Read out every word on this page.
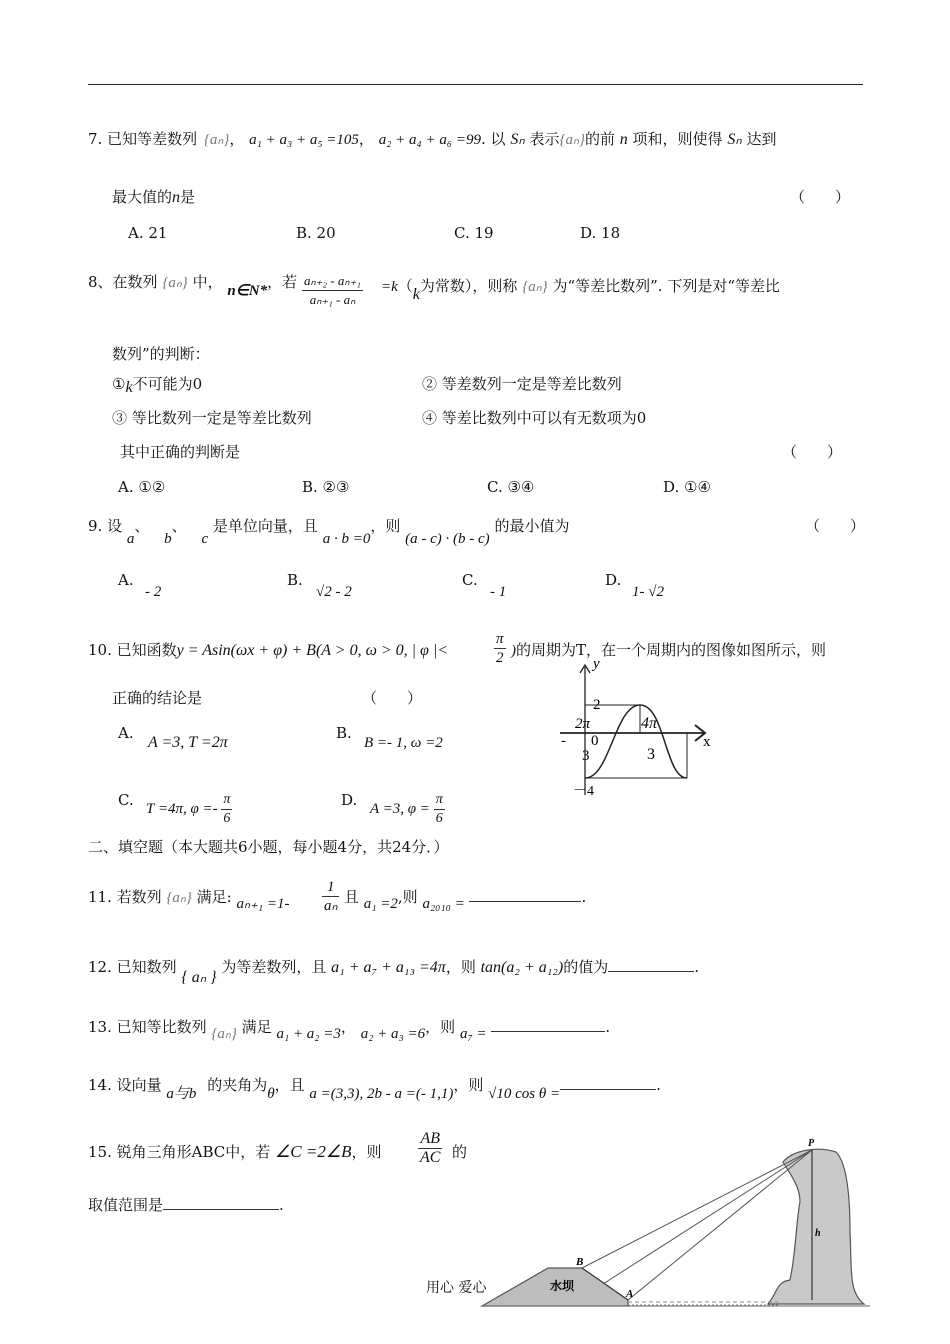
7. 已知等差数列 {aₙ}， a₁ + a₃ + a₅ =105， a₂ + a₄ + a₆ =99. 以 Sₙ 表示{aₙ}的前 n 项和，则使得 Sₙ 达到
最大值的n是	（　　）
A. 21	B. 20	C. 19	D. 18
8、在数列 {aₙ} 中， n∈N*，若 $\frac{\text{aₙ₊₂ - aₙ₊₁}}{\text{aₙ₊₁ - aₙ}} =k(k$为常数），则称 {aₙ} 为“等差比数列”. 下列是对“等差比
数列”的判断：
①k不可能为0	② 等差数列一定是等差比数列
③ 等比数列一定是等差比数列	④ 等差比数列中可以有无数项为0
其中正确的判断是	（　　）
A. ①②	B. ②③	C. ③④	D. ①④
9. 设 a、 b、 c 是单位向量，且 a · b =0，则 (a - c) · (b - c) 的最小值为	（　　）
A.
- 2
B.
√2 - 2
C.
- 1
D.
1- √2
10. 已知函数y = Asin(ωx + φ) + B(A > 0, ω > 0, | φ |<	$\frac{\pi}{2}$ )的周期为T，在一个周期内的图像如图所示，则
正确的结论是	（　　）
A.
A =3, T =2π
B.
B =- 1, ω =2
C. T =4π, $\varphi =- \frac{\pi}{6}$	D. A =3, $\varphi = \frac{\pi}{6}$
y
x
2
－4
-
2π
0
3
4π
3
二、填空题（本大题共6小题，每小题4分，共24分．）
11. 若数列 {aₙ} 满足: $a_{n+1} =1- \frac{1}{\text{aₙ}}$ 且 a₁ =2,则 a₂₀₁₀ =	.
12. 已知数列 { aₙ } 为等差数列，且 a₁ + a₇ + a₁₃ =4π，则 tan(a₂ + a₁₂)的值为	.
13. 已知等比数列 {aₙ} 满足 a₁ + a₂ =3， a₂ + a₃ =6，则 a₇ =	.
14. 设向量 a与b 的夹角为θ，且 a =(3,3), 2b - a =(- 1,1)，则 √10 cos θ =	.
15. 锐角三角形ABC中，若 ∠C =2∠B，则 $\frac{AB}{AC}$ 的
取值范围是	.
用心 爱心
P
B
A
h
水坝
